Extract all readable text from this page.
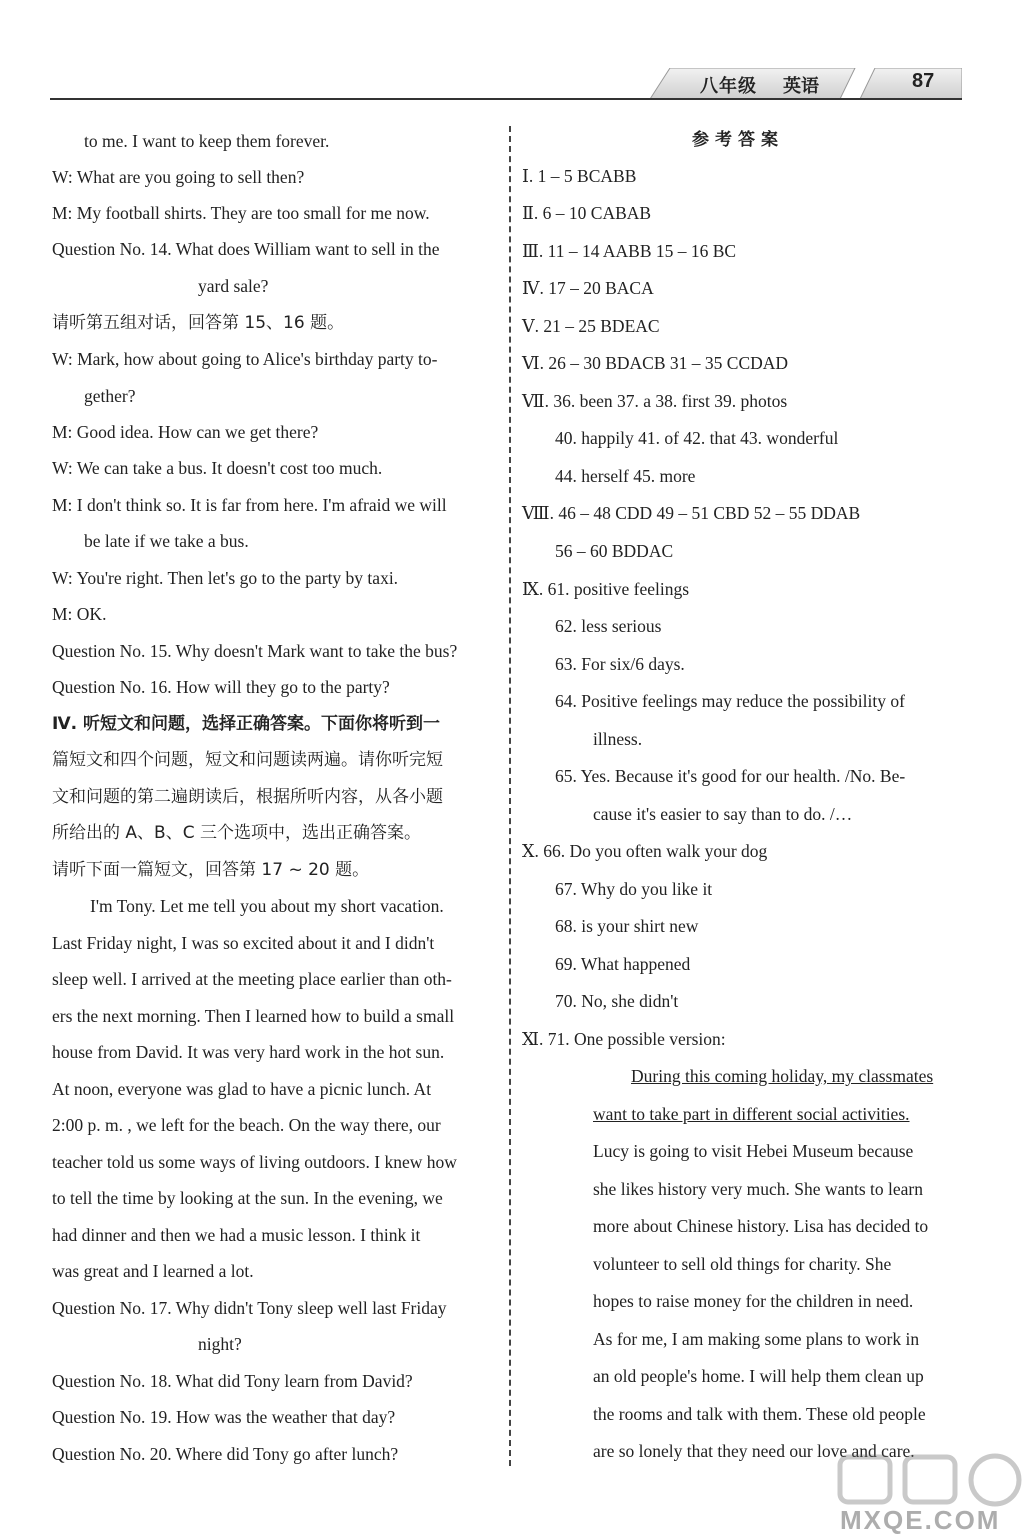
八年级 英语	87
to me. I want to keep them forever.
W: What are you going to sell then?
M: My football shirts. They are too small for me now.
Question No. 14. What does William want to sell in the
yard sale?
请听第五组对话，回答第 15、16 题。
W: Mark, how about going to Alice's birthday party to-
gether?
M: Good idea. How can we get there?
W: We can take a bus. It doesn't cost too much.
M: I don't think so. It is far from here. I'm afraid we will
be late if we take a bus.
W: You're right. Then let's go to the party by taxi.
M: OK.
Question No. 15. Why doesn't Mark want to take the bus?
Question No. 16. How will they go to the party?
Ⅳ. 听短文和问题，选择正确答案。下面你将听到一
篇短文和四个问题，短文和问题读两遍。请你听完短
文和问题的第二遍朗读后，根据所听内容，从各小题
所给出的 A、B、C 三个选项中，选出正确答案。
请听下面一篇短文，回答第 17 ~ 20 题。
I'm Tony. Let me tell you about my short vacation.
Last Friday night, I was so excited about it and I didn't
sleep well. I arrived at the meeting place earlier than oth-
ers the next morning. Then I learned how to build a small
house from David. It was very hard work in the hot sun.
At noon, everyone was glad to have a picnic lunch. At
2:00 p. m. , we left for the beach. On the way there, our
teacher told us some ways of living outdoors. I knew how
to tell the time by looking at the sun. In the evening, we
had dinner and then we had a music lesson. I think it
was great and I learned a lot.
Question No. 17. Why didn't Tony sleep well last Friday
night?
Question No. 18. What did Tony learn from David?
Question No. 19. How was the weather that day?
Question No. 20. Where did Tony go after lunch?
参考答案
Ⅰ. 1 – 5 BCABB
Ⅱ. 6 – 10 CABAB
Ⅲ. 11 – 14 AABB 15 – 16 BC
Ⅳ. 17 – 20 BACA
Ⅴ. 21 – 25 BDEAC
Ⅵ. 26 – 30 BDACB 31 – 35 CCDAD
Ⅶ. 36. been 37. a 38. first 39. photos
40. happily 41. of 42. that 43. wonderful
44. herself 45. more
Ⅷ. 46 – 48 CDD 49 – 51 CBD 52 – 55 DDAB
56 – 60 BDDAC
Ⅸ. 61. positive feelings
62. less serious
63. For six/6 days.
64. Positive feelings may reduce the possibility of
illness.
65. Yes. Because it's good for our health. /No. Be-
cause it's easier to say than to do. /…
Ⅹ. 66. Do you often walk your dog
67. Why do you like it
68. is your shirt new
69. What happened
70. No, she didn't
Ⅺ. 71. One possible version:
During this coming holiday, my classmates
want to take part in different social activities.
Lucy is going to visit Hebei Museum because
she likes history very much. She wants to learn
more about Chinese history. Lisa has decided to
volunteer to sell old things for charity. She
hopes to raise money for the children in need.
As for me, I am making some plans to work in
an old people's home. I will help them clean up
the rooms and talk with them. These old people
are so lonely that they need our love and care.
MXQE.COM
